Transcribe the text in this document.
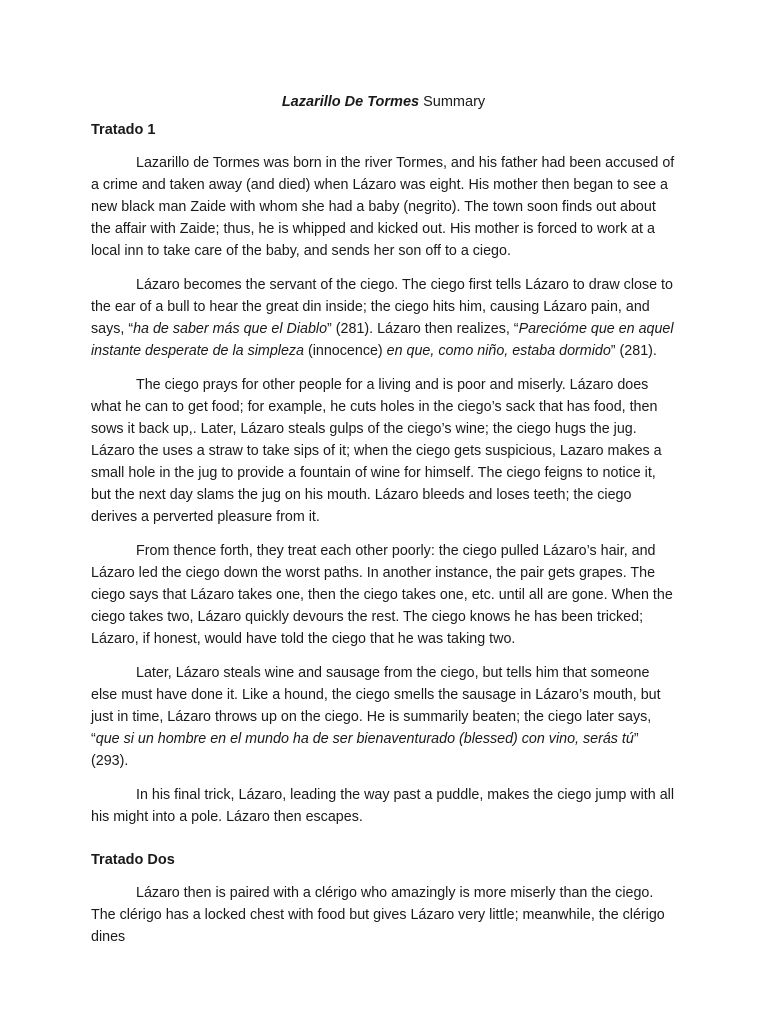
Lazarillo De Tormes Summary

Tratado 1

Lazarillo de Tormes was born in the river Tormes, and his father had been accused of a crime and taken away (and died) when Lázaro was eight. His mother then began to see a new black man Zaide with whom she had a baby (negrito). The town soon finds out about the affair with Zaide; thus, he is whipped and kicked out. His mother is forced to work at a local inn to take care of the baby, and sends her son off to a ciego.

Lázaro becomes the servant of the ciego. The ciego first tells Lázaro to draw close to the ear of a bull to hear the great din inside; the ciego hits him, causing Lázaro pain, and says, “ha de saber más que el Diablo” (281). Lázaro then realizes, “Parecióme que en aquel instante desperate de la simpleza (innocence) en que, como niño, estaba dormido” (281).

The ciego prays for other people for a living and is poor and miserly. Lázaro does what he can to get food; for example, he cuts holes in the ciego’s sack that has food, then sows it back up,. Later, Lázaro steals gulps of the ciego’s wine; the ciego hugs the jug. Lázaro the uses a straw to take sips of it; when the ciego gets suspicious, Lazaro makes a small hole in the jug to provide a fountain of wine for himself. The ciego feigns to notice it, but the next day slams the jug on his mouth. Lázaro bleeds and loses teeth; the ciego derives a perverted pleasure from it.

From thence forth, they treat each other poorly: the ciego pulled Lázaro’s hair, and Lázaro led the ciego down the worst paths. In another instance, the pair gets grapes. The ciego says that Lázaro takes one, then the ciego takes one, etc. until all are gone. When the ciego takes two, Lázaro quickly devours the rest. The ciego knows he has been tricked; Lázaro, if honest, would have told the ciego that he was taking two.

Later, Lázaro steals wine and sausage from the ciego, but tells him that someone else must have done it. Like a hound, the ciego smells the sausage in Lázaro’s mouth, but just in time, Lázaro throws up on the ciego. He is summarily beaten; the ciego later says, “que si un hombre en el mundo ha de ser bienaventurado (blessed) con vino, serás tú” (293).

In his final trick, Lázaro, leading the way past a puddle, makes the ciego jump with all his might into a pole. Lázaro then escapes.

Tratado Dos

Lázaro then is paired with a clérigo who amazingly is more miserly than the ciego. The clérigo has a locked chest with food but gives Lázaro very little; meanwhile, the clérigo dines
